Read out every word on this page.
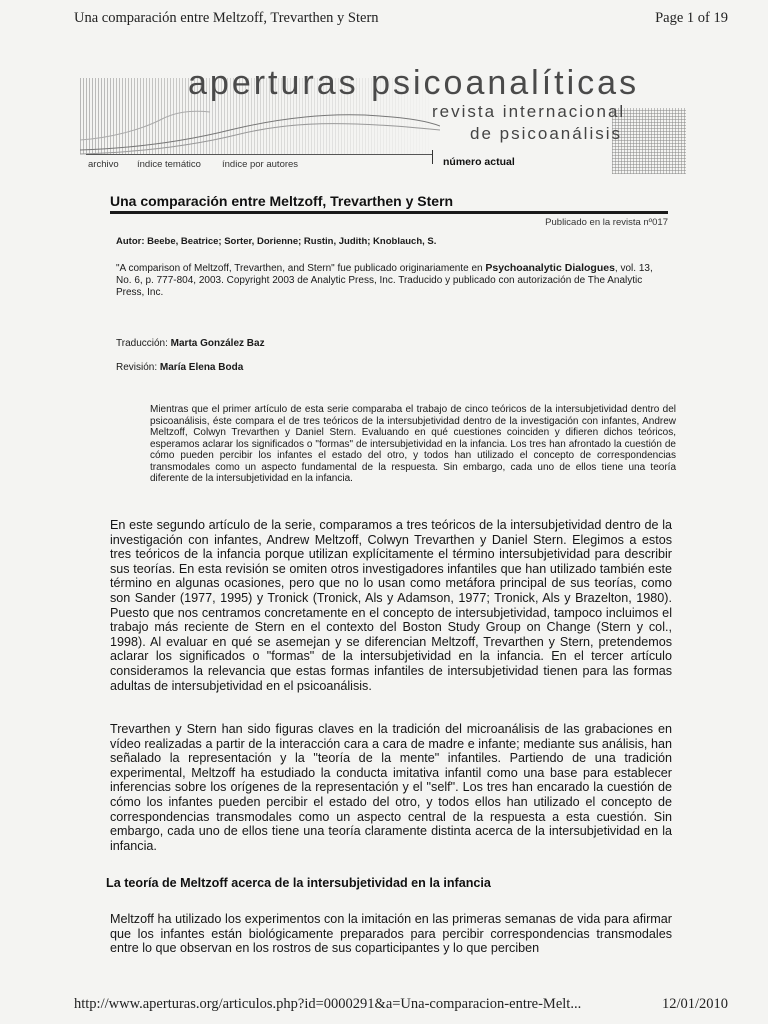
Una comparación entre Meltzoff, Trevarthen y Stern	Page 1 of 19
aperturas psicoanalíticas
revista internacional
de psicoanálisis
archivo índice temático índice por autores	número actual
Una comparación entre Meltzoff, Trevarthen y Stern
Publicado en la revista nº017
Autor: Beebe, Beatrice; Sorter, Dorienne; Rustin, Judith; Knoblauch, S.
"A comparison of Meltzoff, Trevarthen, and Stern" fue publicado originariamente en Psychoanalytic Dialogues, vol. 13, No. 6, p. 777-804, 2003. Copyright 2003 de Analytic Press, Inc. Traducido y publicado con autorización de The Analytic Press, Inc.
Traducción: Marta González Baz
Revisión: María Elena Boda
Mientras que el primer artículo de esta serie comparaba el trabajo de cinco teóricos de la intersubjetividad dentro del psicoanálisis, éste compara el de tres teóricos de la intersubjetividad dentro de la investigación con infantes, Andrew Meltzoff, Colwyn Trevarthen y Daniel Stern. Evaluando en qué cuestiones coinciden y difieren dichos teóricos, esperamos aclarar los significados o "formas" de intersubjetividad en la infancia. Los tres han afrontado la cuestión de cómo pueden percibir los infantes el estado del otro, y todos han utilizado el concepto de correspondencias transmodales como un aspecto fundamental de la respuesta. Sin embargo, cada uno de ellos tiene una teoría diferente de la intersubjetividad en la infancia.
En este segundo artículo de la serie, comparamos a tres teóricos de la intersubjetividad dentro de la investigación con infantes, Andrew Meltzoff, Colwyn Trevarthen y Daniel Stern. Elegimos a estos tres teóricos de la infancia porque utilizan explícitamente el término intersubjetividad para describir sus teorías. En esta revisión se omiten otros investigadores infantiles que han utilizado también este término en algunas ocasiones, pero que no lo usan como metáfora principal de sus teorías, como son Sander (1977, 1995) y Tronick (Tronick, Als y Adamson, 1977; Tronick, Als y Brazelton, 1980). Puesto que nos centramos concretamente en el concepto de intersubjetividad, tampoco incluimos el trabajo más reciente de Stern en el contexto del Boston Study Group on Change (Stern y col., 1998). Al evaluar en qué se asemejan y se diferencian Meltzoff, Trevarthen y Stern, pretendemos aclarar los significados o "formas" de la intersubjetividad en la infancia. En el tercer artículo consideramos la relevancia que estas formas infantiles de intersubjetividad tienen para las formas adultas de intersubjetividad en el psicoanálisis.
Trevarthen y Stern han sido figuras claves en la tradición del microanálisis de las grabaciones en vídeo realizadas a partir de la interacción cara a cara de madre e infante; mediante sus análisis, han señalado la representación y la "teoría de la mente" infantiles. Partiendo de una tradición experimental, Meltzoff ha estudiado la conducta imitativa infantil como una base para establecer inferencias sobre los orígenes de la representación y el "self". Los tres han encarado la cuestión de cómo los infantes pueden percibir el estado del otro, y todos ellos han utilizado el concepto de correspondencias transmodales como un aspecto central de la respuesta a esta cuestión. Sin embargo, cada uno de ellos tiene una teoría claramente distinta acerca de la intersubjetividad en la infancia.
La teoría de Meltzoff acerca de la intersubjetividad en la infancia
Meltzoff ha utilizado los experimentos con la imitación en las primeras semanas de vida para afirmar que los infantes están biológicamente preparados para percibir correspondencias transmodales entre lo que observan en los rostros de sus coparticipantes y lo que perciben
http://www.aperturas.org/articulos.php?id=0000291&a=Una-comparacion-entre-Melt...	12/01/2010
